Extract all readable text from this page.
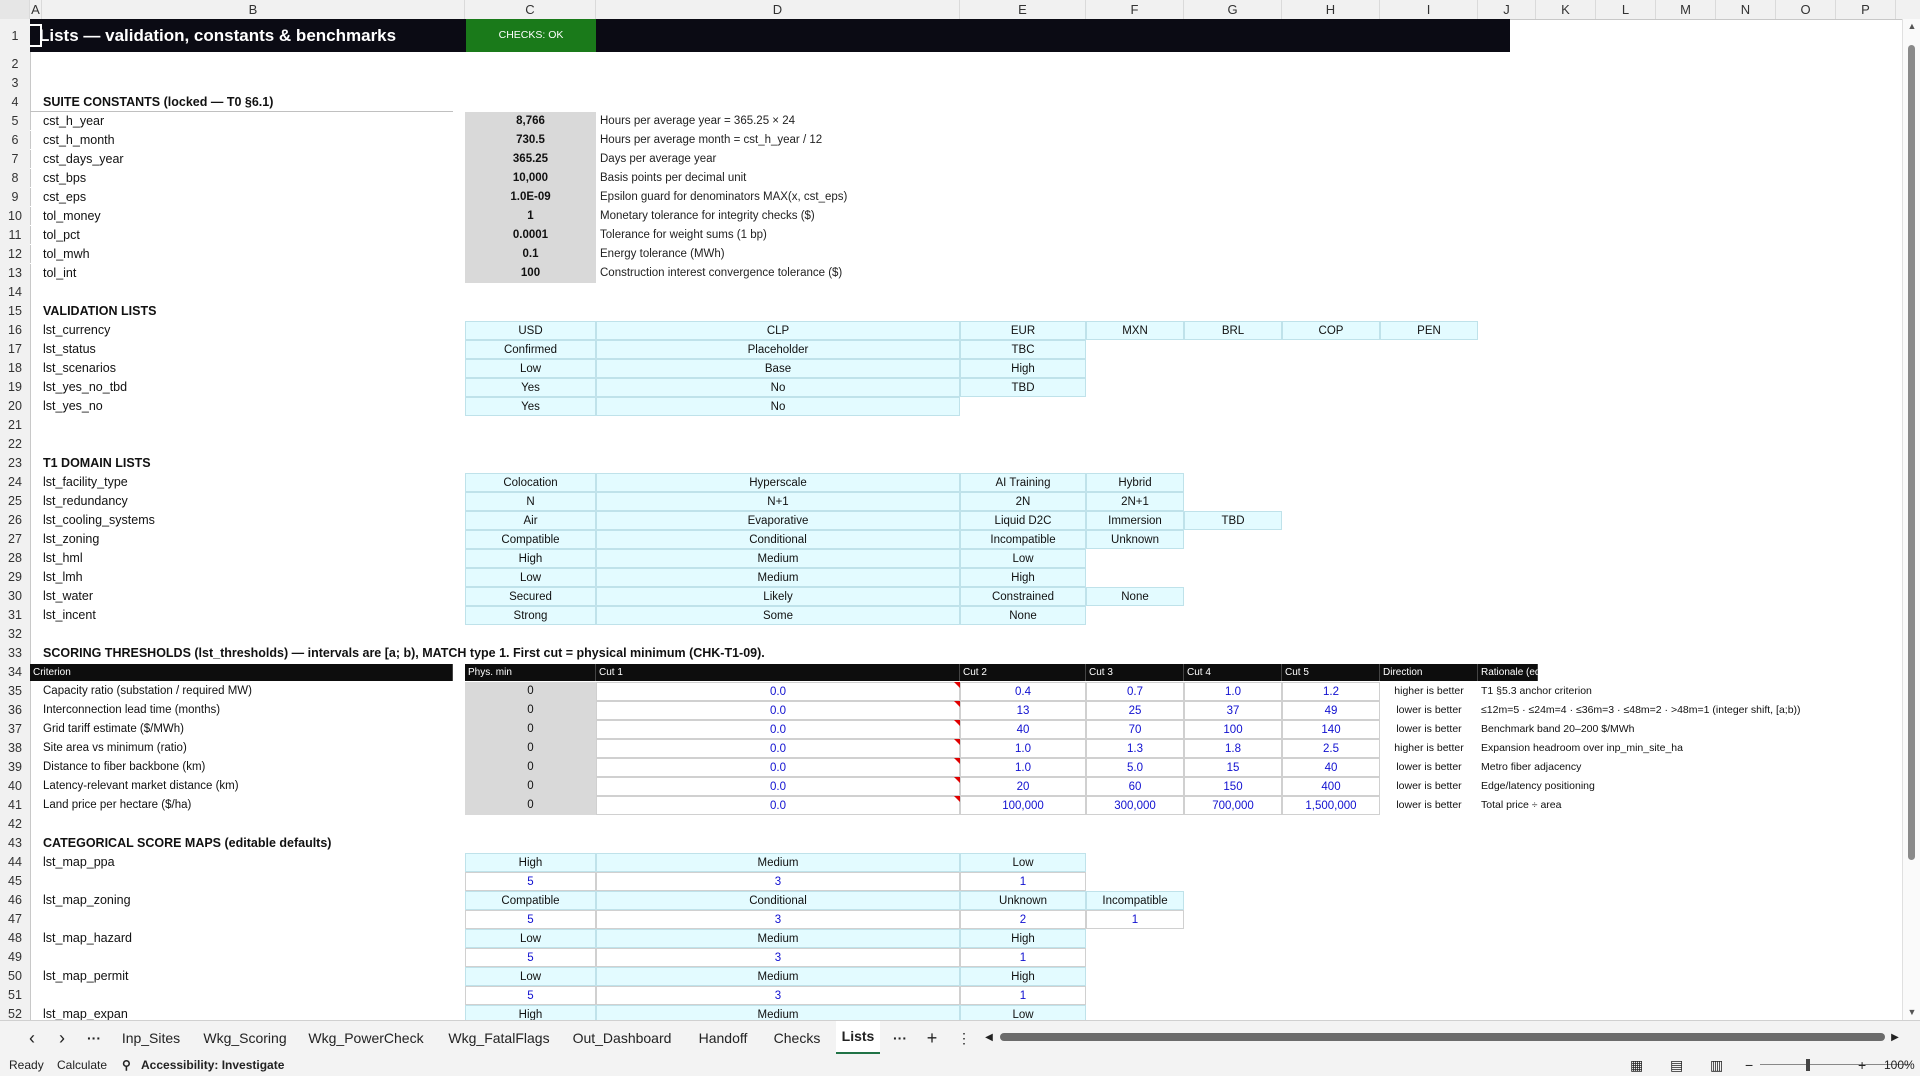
A	B	C	D	E	F	G	H	I	J	K	L	M	N	O	P
1
2
3
4
5
6
7
8
9
10
11
12
13
14
15
16
17
18
19
20
21
22
23
24
25
26
27
28
29
30
31
32
33
34
35
36
37
38
39
40
41
42
43
44
45
46
47
48
49
50
51
52
Lists — validation, constants & benchmarks	CHECKS: OK
SUITE CONSTANTS (locked — T0 §6.1)
VALIDATION LISTS
T1 DOMAIN LISTS
SCORING THRESHOLDS (lst_thresholds) — intervals are [a; b), MATCH type 1. First cut = physical minimum (CHK-T1-09).
CATEGORICAL SCORE MAPS (editable defaults)
cst_h_year	8,766	Hours per average year = 365.25 × 24
cst_h_month	730.5	Hours per average month = cst_h_year / 12
cst_days_year	365.25	Days per average year
cst_bps	10,000	Basis points per decimal unit
cst_eps	1.0E-09	Epsilon guard for denominators MAX(x, cst_eps)
tol_money	1	Monetary tolerance for integrity checks ($)
tol_pct	0.0001	Tolerance for weight sums (1 bp)
tol_mwh	0.1	Energy tolerance (MWh)
tol_int	100	Construction interest convergence tolerance ($)
lst_currency	USD	CLP	EUR	MXN	BRL	COP	PEN
lst_status	Confirmed	Placeholder	TBC
lst_scenarios	Low	Base	High
lst_yes_no_tbd	Yes	No	TBD
lst_yes_no	Yes	No
lst_facility_type	Colocation	Hyperscale	AI Training	Hybrid
lst_redundancy	N	N+1	2N	2N+1
lst_cooling_systems	Air	Evaporative	Liquid D2C	Immersion	TBD
lst_zoning	Compatible	Conditional	Incompatible	Unknown
lst_hml	High	Medium	Low
lst_lmh	Low	Medium	High
lst_water	Secured	Likely	Constrained	None
lst_incent	Strong	Some	None
Criterion	Phys. min	Cut 1	Cut 2	Cut 3	Cut 4	Cut 5	Direction	Rationale (ed
Capacity ratio (substation / required MW)	0	0.0	0.4	0.7	1.0	1.2	higher is better	T1 §5.3 anchor criterion
Interconnection lead time (months)	0	0.0	13	25	37	49	lower is better	≤12m=5 · ≤24m=4 · ≤36m=3 · ≤48m=2 · >48m=1 (integer shift, [a;b))
Grid tariff estimate ($/MWh)	0	0.0	40	70	100	140	lower is better	Benchmark band 20–200 $/MWh
Site area vs minimum (ratio)	0	0.0	1.0	1.3	1.8	2.5	higher is better	Expansion headroom over inp_min_site_ha
Distance to fiber backbone (km)	0	0.0	1.0	5.0	15	40	lower is better	Metro fiber adjacency
Latency-relevant market distance (km)	0	0.0	20	60	150	400	lower is better	Edge/latency positioning
Land price per hectare ($/ha)	0	0.0	100,000	300,000	700,000	1,500,000	lower is better	Total price ÷ area
lst_map_ppa	High	Medium	Low
5	3	1
lst_map_zoning	Compatible	Conditional	Unknown	Incompatible
5	3	2	1
lst_map_hazard	Low	Medium	High
5	3	1
lst_map_permit	Low	Medium	High
5	3	1
lst_map_expan	High	Medium	Low
▲
▼
‹	›	···	Inp_Sites	Wkg_Scoring	Wkg_PowerCheck	Wkg_FatalFlags	Out_Dashboard	Handoff	Checks	Lists	···	+	⋮	◀	▶
Ready Calculate ⚲ Accessibility: Investigate	▦ ▤ ▥ −	+ 100%
